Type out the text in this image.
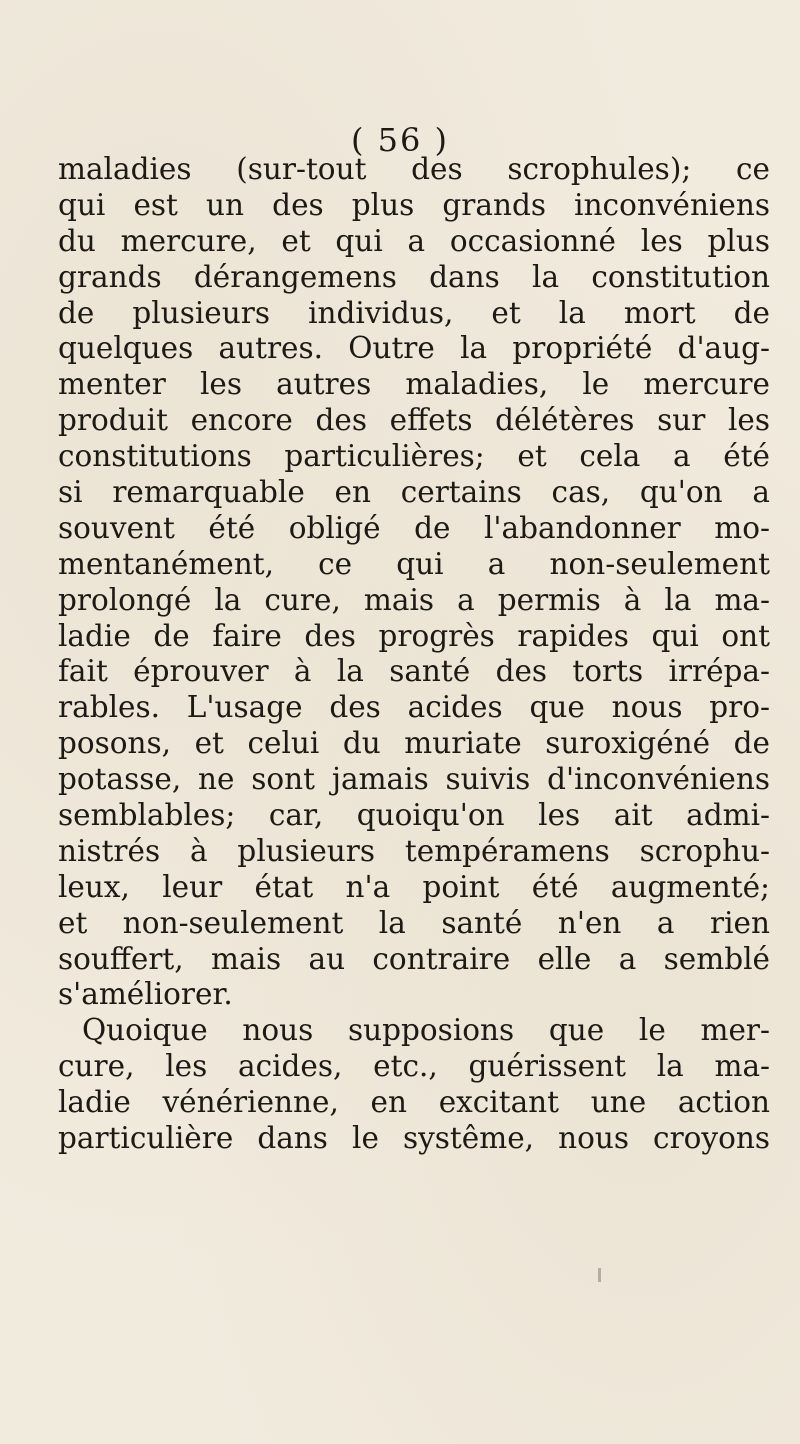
( 56 )
maladies (sur-tout des scrophules); ce
qui est un des plus grands inconvéniens
du mercure, et qui a occasionné les plus
grands dérangemens dans la constitution
de plusieurs individus, et la mort de
quelques autres. Outre la propriété d'aug-
menter les autres maladies, le mercure
produit encore des effets délétères sur les
constitutions particulières; et cela a été
si remarquable en certains cas, qu'on a
souvent été obligé de l'abandonner mo-
mentanément, ce qui a non-seulement
prolongé la cure, mais a permis à la ma-
ladie de faire des progrès rapides qui ont
fait éprouver à la santé des torts irrépa-
rables. L'usage des acides que nous pro-
posons, et celui du muriate suroxigéné de
potasse, ne sont jamais suivis d'inconvéniens
semblables; car, quoiqu'on les ait admi-
nistrés à plusieurs tempéramens scrophu-
leux, leur état n'a point été augmenté;
et non-seulement la santé n'en a rien
souffert, mais au contraire elle a semblé
s'améliorer.
Quoique nous supposions que le mer-
cure, les acides, etc., guérissent la ma-
ladie vénérienne, en excitant une action
particulière dans le systême, nous croyons
